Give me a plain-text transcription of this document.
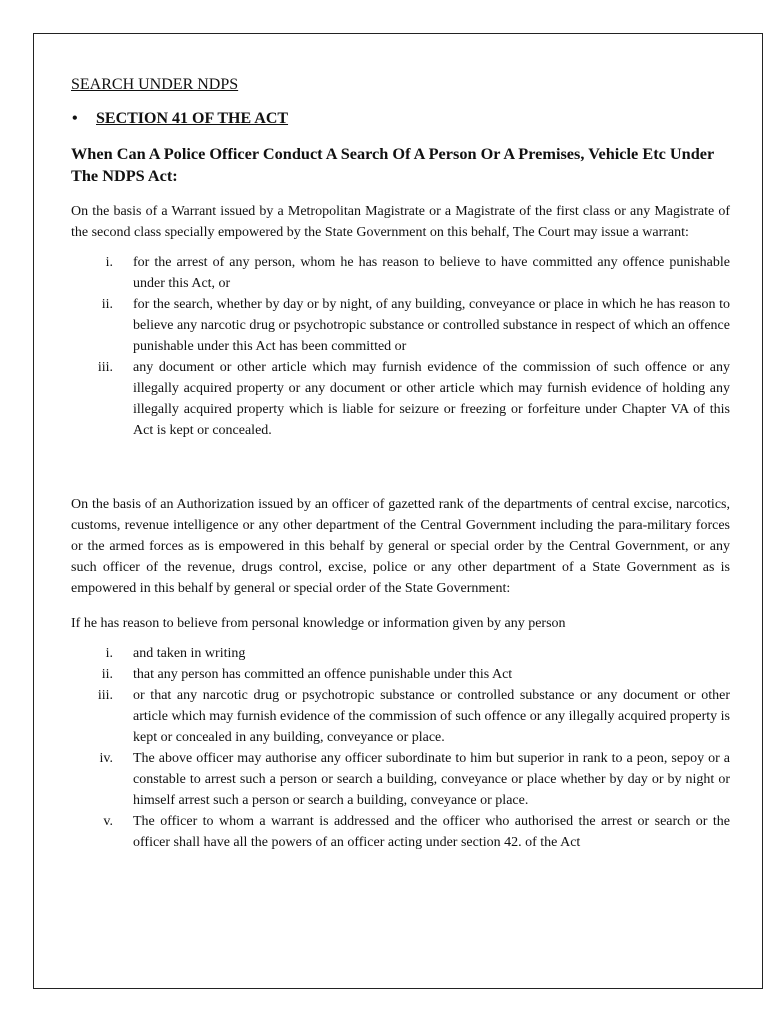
SEARCH UNDER NDPS

•	SECTION 41 OF THE ACT

When Can A Police Officer Conduct A Search Of A Person Or A Premises, Vehicle Etc Under The NDPS Act:

On the basis of a Warrant issued by a Metropolitan Magistrate or a Magistrate of the first class or any Magistrate of the second class specially empowered by the State Government on this behalf, The Court may issue a warrant:

i.	for the arrest of any person, whom he has reason to believe to have committed any offence punishable under this Act, or
ii.	for the search, whether by day or by night, of any building, conveyance or place in which he has reason to believe any narcotic drug or psychotropic substance or controlled substance in respect of which an offence punishable under this Act has been committed or
iii.	any document or other article which may furnish evidence of the commission of such offence or any illegally acquired property or any document or other article which may furnish evidence of holding any illegally acquired property which is liable for seizure or freezing or forfeiture under Chapter VA of this Act is kept or concealed.

On the basis of an Authorization issued by an officer of gazetted rank of the departments of central excise, narcotics, customs, revenue intelligence or any other department of the Central Government including the para-military forces or the armed forces as is empowered in this behalf by general or special order by the Central Government, or any such officer of the revenue, drugs control, excise, police or any other department of a State Government as is empowered in this behalf by general or special order of the State Government:

If he has reason to believe from personal knowledge or information given by any person

i.	and taken in writing
ii.	that any person has committed an offence punishable under this Act
iii.	or that any narcotic drug or psychotropic substance or controlled substance or any document or other article which may furnish evidence of the commission of such offence or any illegally acquired property is kept or concealed in any building, conveyance or place.
iv.	The above officer may authorise any officer subordinate to him but superior in rank to a peon, sepoy or a constable to arrest such a person or search a building, conveyance or place whether by day or by night or himself arrest such a person or search a building, conveyance or place.
v.	The officer to whom a warrant is addressed and the officer who authorised the arrest or search or the officer shall have all the powers of an officer acting under section 42. of the Act
